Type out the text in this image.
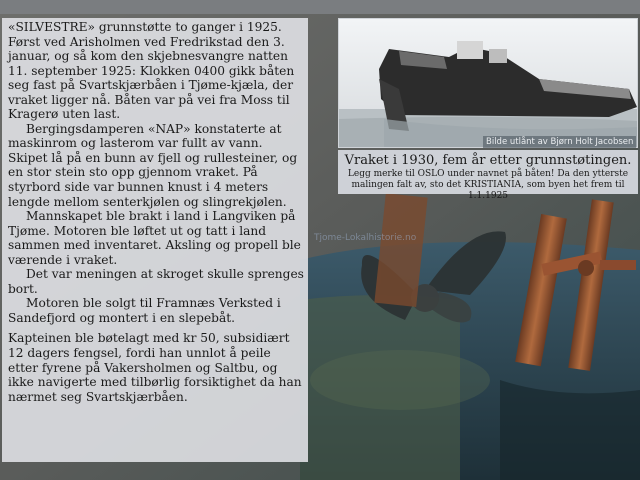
«SILVESTRE» grunnstøtte to ganger i 1925. Først ved Arisholmen ved Fredrikstad den 3. januar, og så kom den skjebnesvangre natten 11. september 1925: Klokken 0400 gikk båten seg fast på Svartskjærbåen i Tjøme-kjæla, der vraket ligger nå. Båten var på vei fra Moss til Kragerø uten last.

Bergingsdamperen «NAP» konstaterte at maskinrom og lasterom var fullt av vann. Skipet lå på en bunn av fjell og rullesteiner, og en stor stein sto opp gjennom vraket. På styrbord side var bunnen knust i 4 meters lengde mellom senterkjølen og slingrekjølen.

Mannskapet ble brakt i land i Langviken på Tjøme. Motoren ble løftet ut og tatt i land sammen med inventaret. Aksling og propell ble værende i vraket.

Det var meningen at skroget skulle sprenges bort.

Motoren ble solgt til Framnæs Verksted i Sandefjord og montert i en slepebåt.

Kapteinen ble bøtelagt med kr 50, subsidiært 12 dagers fengsel, fordi han unnlot å peile etter fyrene på Vakersholmen og Saltbu, og ikke navigerte med tilbørlig forsiktighet da han nærmet seg Svartskjærbåen.

Bilde utlånt av Bjørn Holt Jacobsen
Vraket i 1930, fem år etter grunnstøtingen.
Legg merke til OSLO under navnet på båten! Da den ytterste malingen falt av, sto det KRISTIANIA, som byen het frem til 1.1.1925
Tjome-Lokalhistorie.no
